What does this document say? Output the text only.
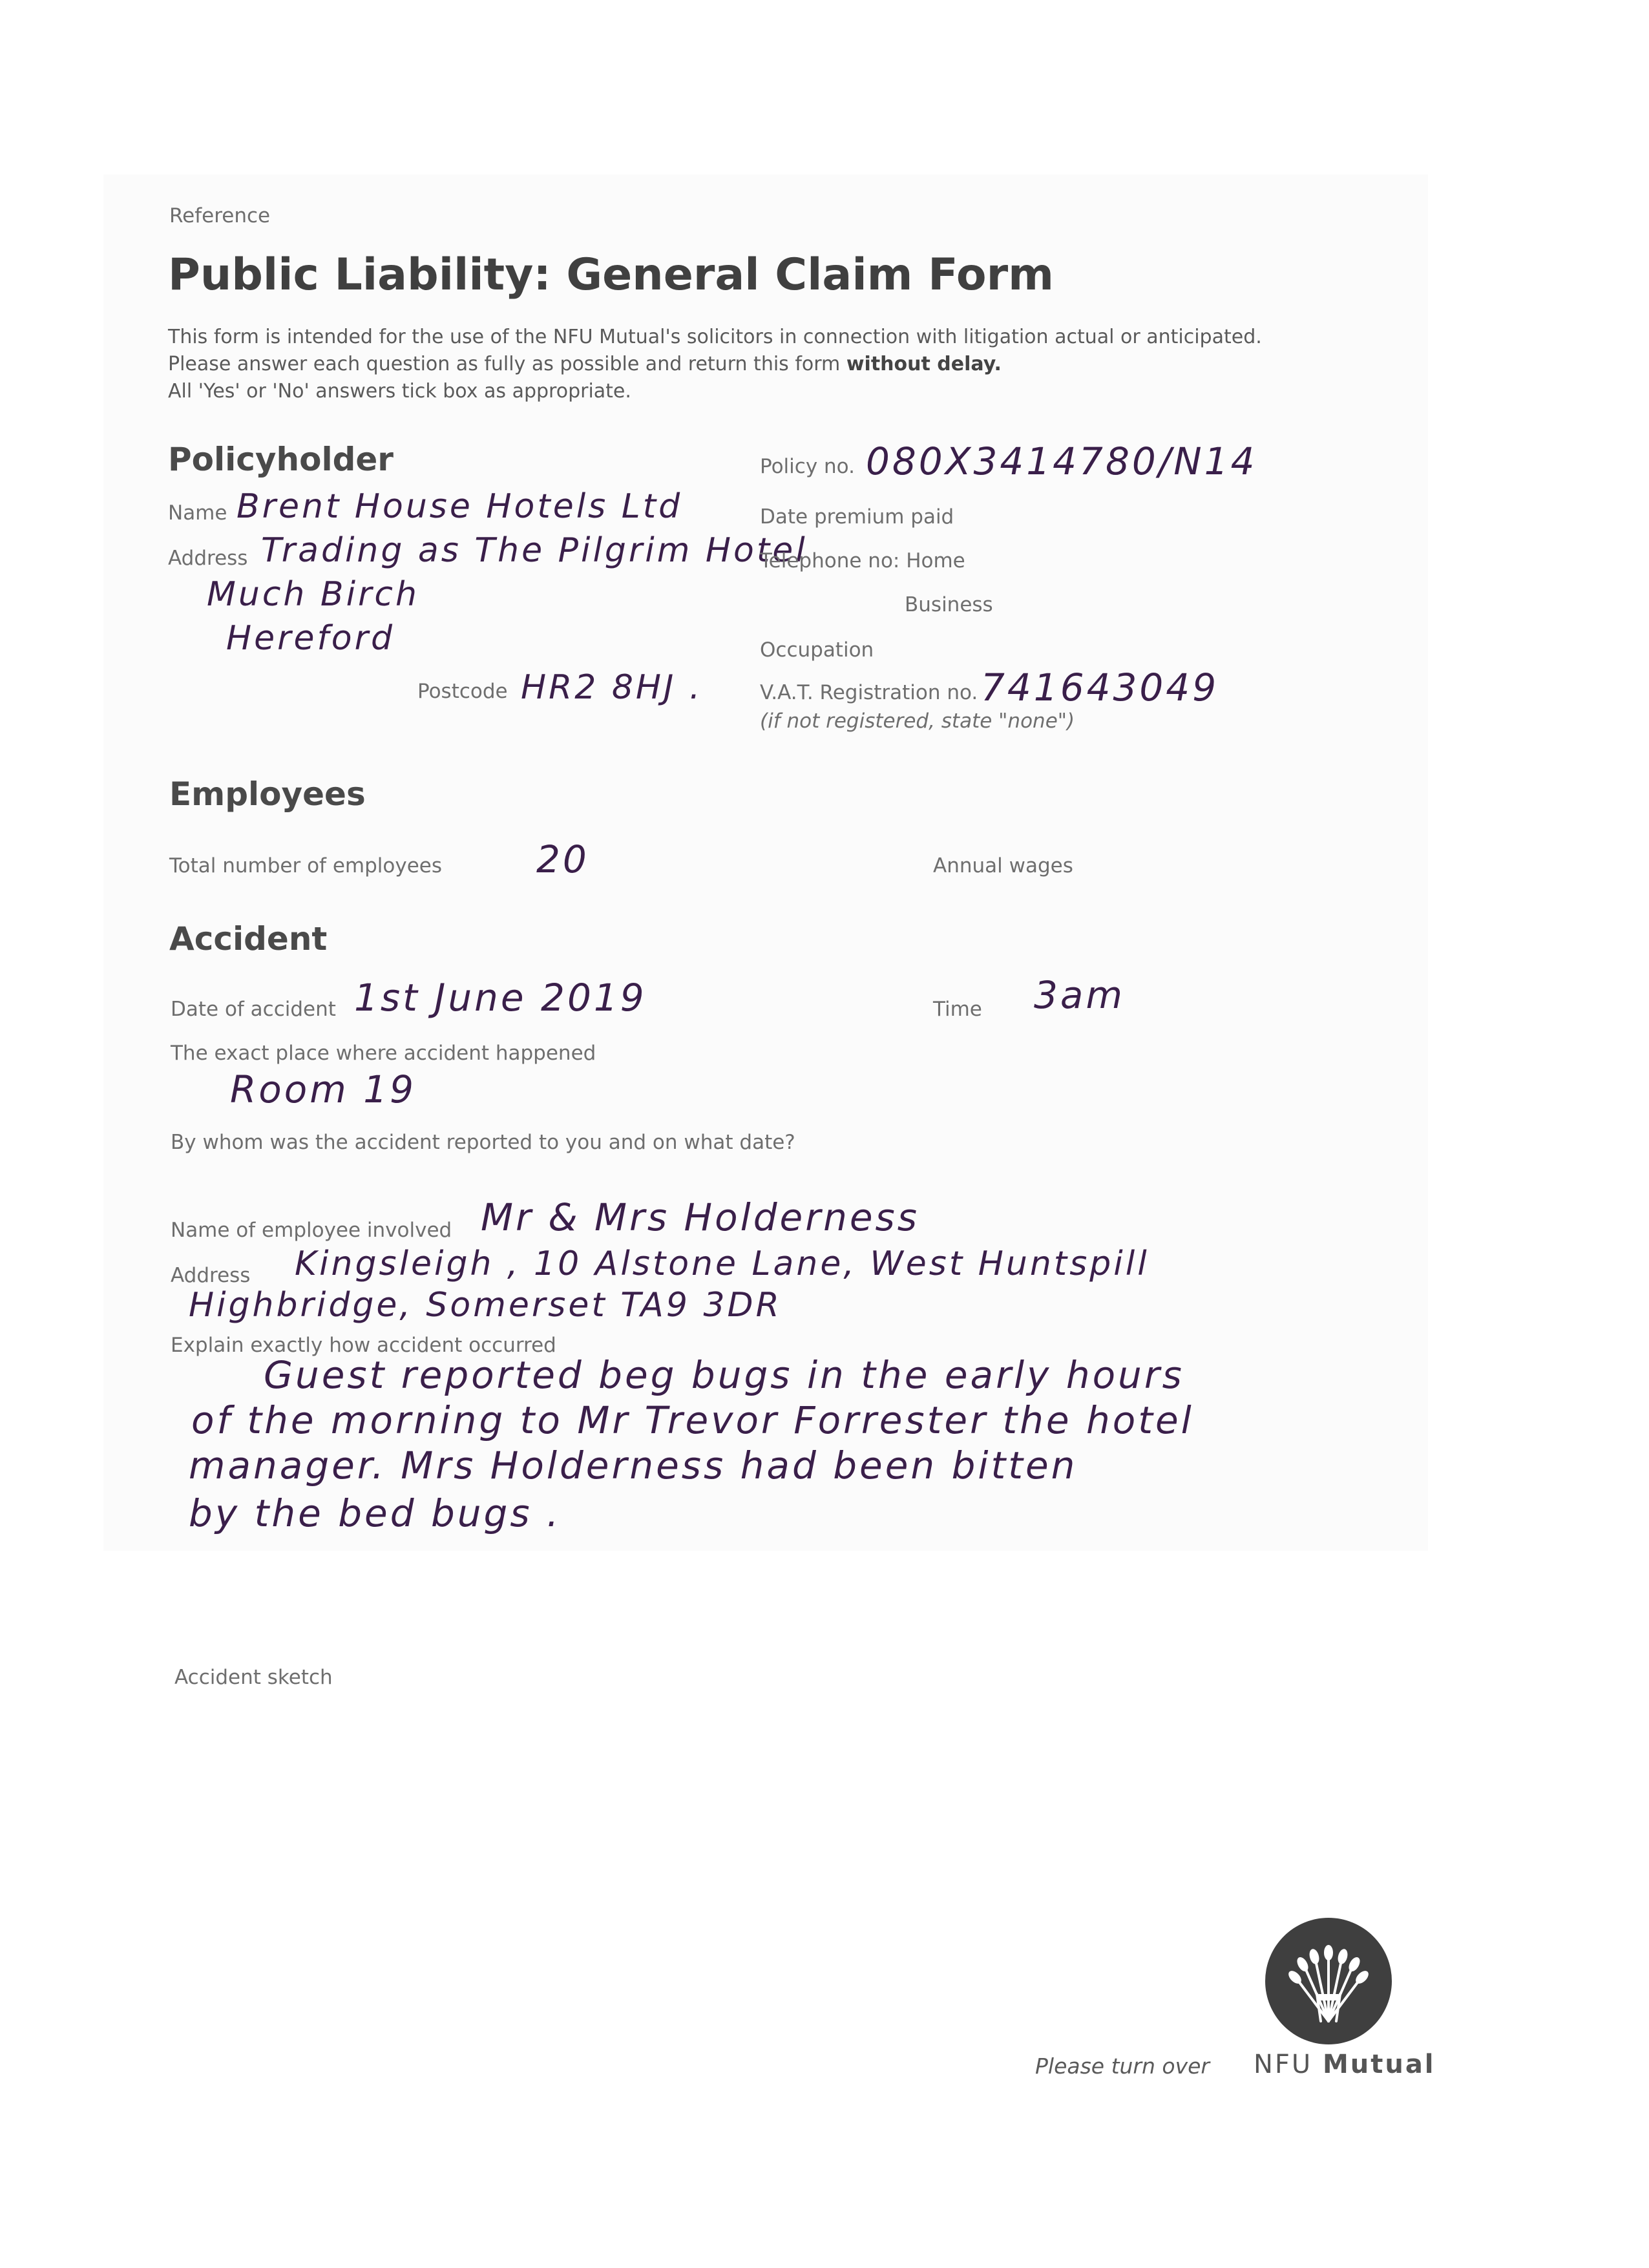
Reference
Public Liability: General Claim Form
This form is intended for the use of the NFU Mutual's solicitors in connection with litigation actual or anticipated.
Please answer each question as fully as possible and return this form without delay.
All 'Yes' or 'No' answers tick box as appropriate.
Policyholder
Name Brent House Hotels Ltd
Address Trading as The Pilgrim Hotel
Much Birch
Hereford
Postcode HR2 8HJ .
Policy no. 080X3414780/N14
Date premium paid
Telephone no: Home
Business
Occupation
V.A.T. Registration no. 741643049
(if not registered, state "none")
Employees
Total number of employees	20	Annual wages
Accident
Date of accident 1st June 2019	Time 3am
The exact place where accident happened
Room 19
By whom was the accident reported to you and on what date?
Name of employee involved Mr & Mrs Holderness
Address Kingsleigh , 10 Alstone Lane, West Huntspill
Highbridge, Somerset TA9 3DR
Explain exactly how accident occurred
Guest reported beg bugs in the early hours
of the morning to Mr Trevor Forrester the hotel
manager. Mrs Holderness had been bitten
by the bed bugs .
Accident sketch
Please turn over NFU Mutual
